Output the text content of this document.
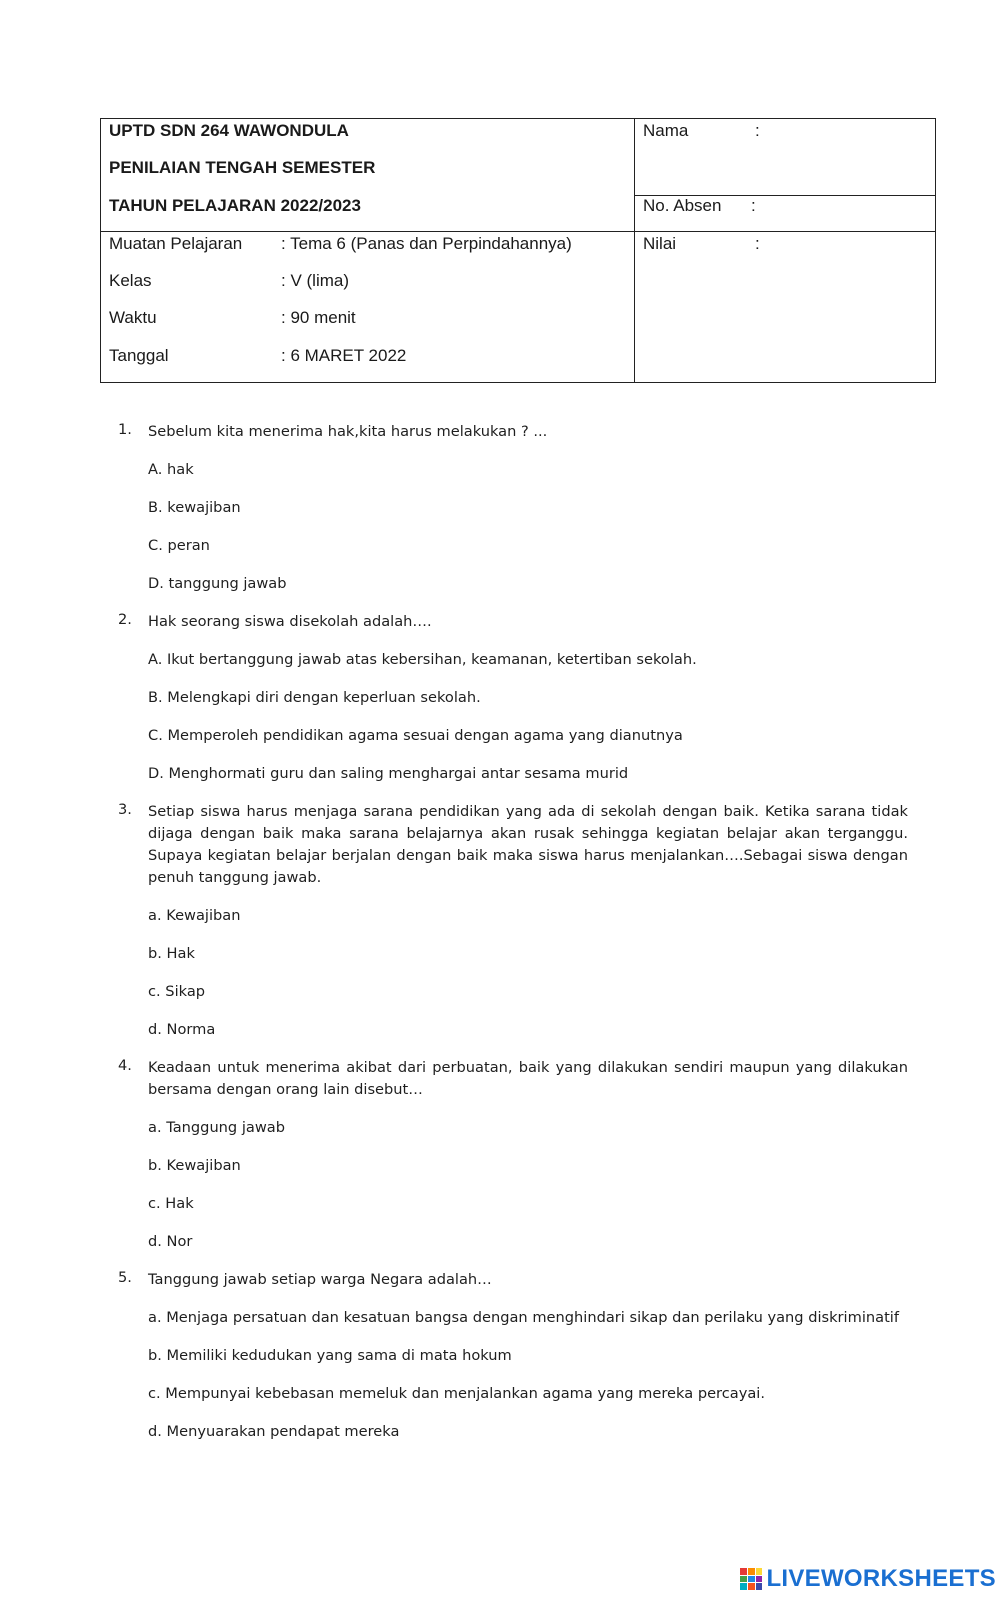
UPTD SDN 264 WAWONDULA
PENILAIAN TENGAH SEMESTER
TAHUN PELAJARAN 2022/2023
Muatan Pelajaran : Tema 6 (Panas dan Perpindahannya)
Kelas	: V (lima)
Waktu	: 90 menit
Tanggal	: 6 MARET 2022
Nama	:
No. Absen :
Nilai	:
1.	Sebelum kita menerima hak,kita harus melakukan ? ...
A. hak
B. kewajiban
C. peran
D. tanggung jawab
2.	Hak seorang siswa disekolah adalah….
A. Ikut bertanggung jawab atas kebersihan, keamanan, ketertiban sekolah.
B. Melengkapi diri dengan keperluan sekolah.
C. Memperoleh pendidikan agama sesuai dengan agama yang dianutnya
D. Menghormati guru dan saling menghargai antar sesama murid
3.	Setiap siswa harus menjaga sarana pendidikan yang ada di sekolah dengan baik. Ketika sarana tidak dijaga dengan baik maka sarana belajarnya akan rusak sehingga kegiatan belajar akan terganggu. Supaya kegiatan belajar berjalan dengan baik maka siswa harus menjalankan….Sebagai siswa dengan penuh tanggung jawab.
a. Kewajiban
b. Hak
c. Sikap
d. Norma
4.	Keadaan untuk menerima akibat dari perbuatan, baik yang dilakukan sendiri maupun yang dilakukan bersama dengan orang lain disebut…
a. Tanggung jawab
b. Kewajiban
c. Hak
d. Nor
5.	Tanggung jawab setiap warga Negara adalah…
a. Menjaga persatuan dan kesatuan bangsa dengan menghindari sikap dan perilaku yang diskriminatif
b. Memiliki kedudukan yang sama di mata hokum
c. Mempunyai kebebasan memeluk dan menjalankan agama yang mereka percayai.
d. Menyuarakan pendapat mereka
LIVEWORKSHEETS
